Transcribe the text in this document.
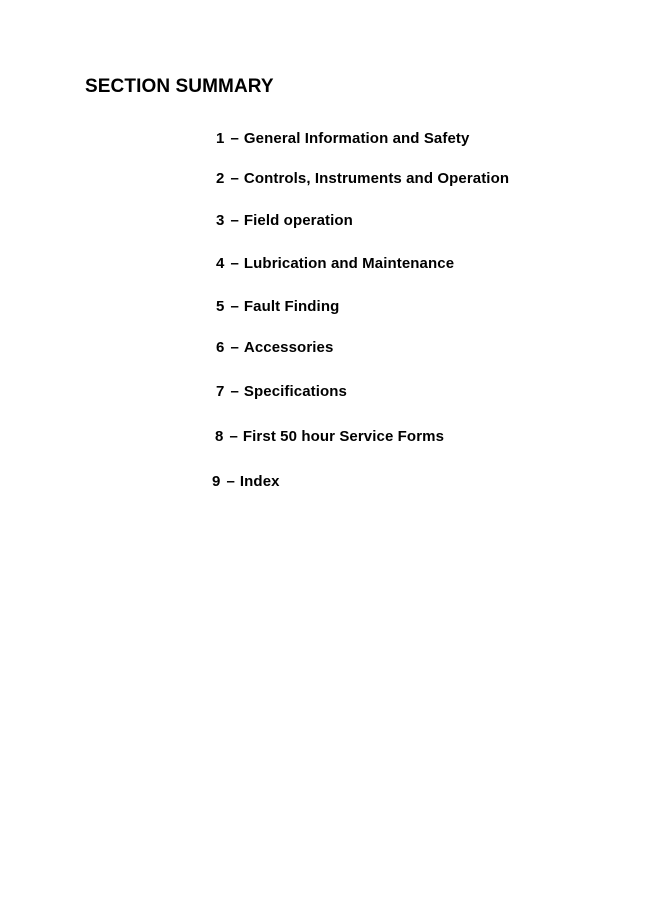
SECTION SUMMARY
1 – General Information and Safety
2 – Controls, Instruments and Operation
3 – Field operation
4 – Lubrication and Maintenance
5 – Fault Finding
6 – Accessories
7 – Specifications
8 – First 50 hour Service Forms
9 – Index
